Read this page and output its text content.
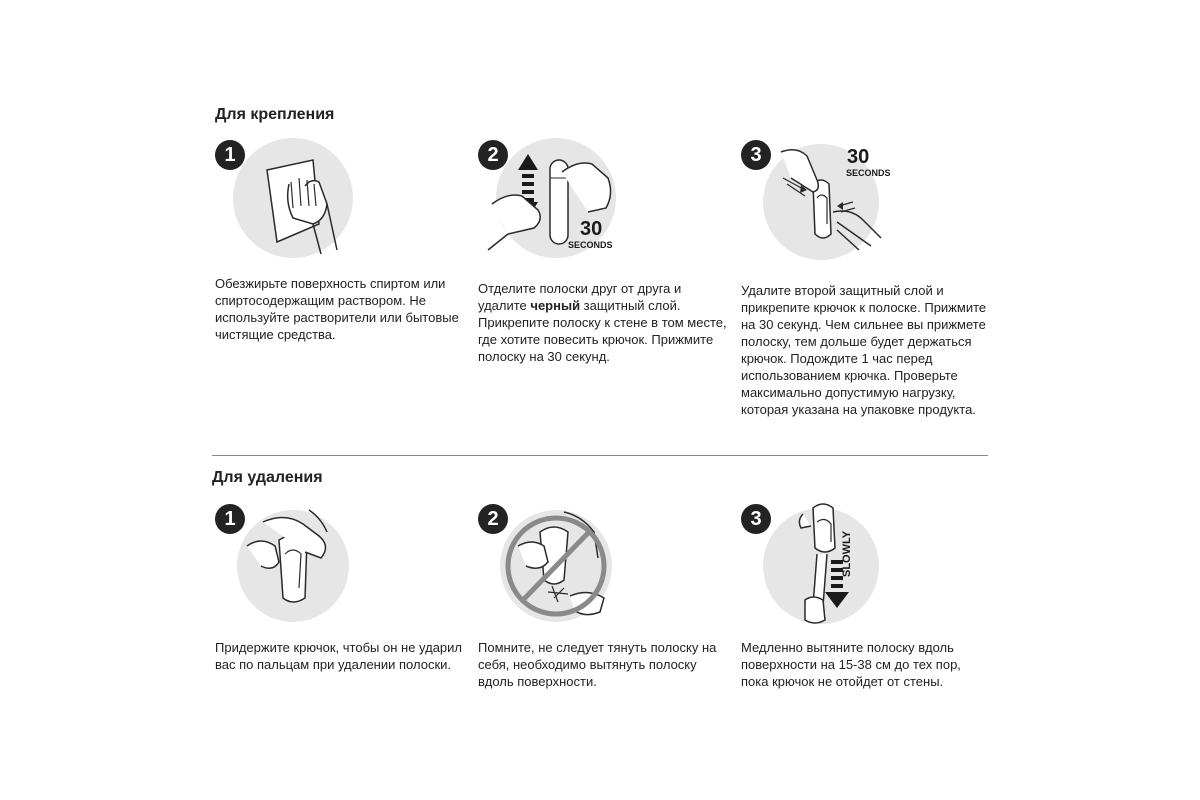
Для крепления
1
Обезжирьте поверхность спиртом или спиртосодержащим раствором. Не используйте растворители или бытовые чистящие средства.
2
30
SECONDS
Отделите полоски друг от друга и удалите черный защитный слой. Прикрепите полоску к стене в том месте, где хотите повесить крючок. Прижмите полоску на 30 секунд.
3	30
SECONDS
Удалите второй защитный слой и прикрепите крючок к полоске. Прижмите на 30 секунд. Чем сильнее вы прижмете полоску, тем дольше будет держаться крючок. Подождите 1 час перед использованием крючка. Проверьте максимально допустимую нагрузку, которая указана на упаковке продукта.
Для удаления
1
Придержите крючок, чтобы он не ударил вас по пальцам при удалении полоски.
2
Помните, не следует тянуть полоску на себя, необходимо вытянуть полоску вдоль поверхности.
3
SLOWLY
Медленно вытяните полоску вдоль поверхности на 15-38 см до тех пор, пока крючок не отойдет от стены.
